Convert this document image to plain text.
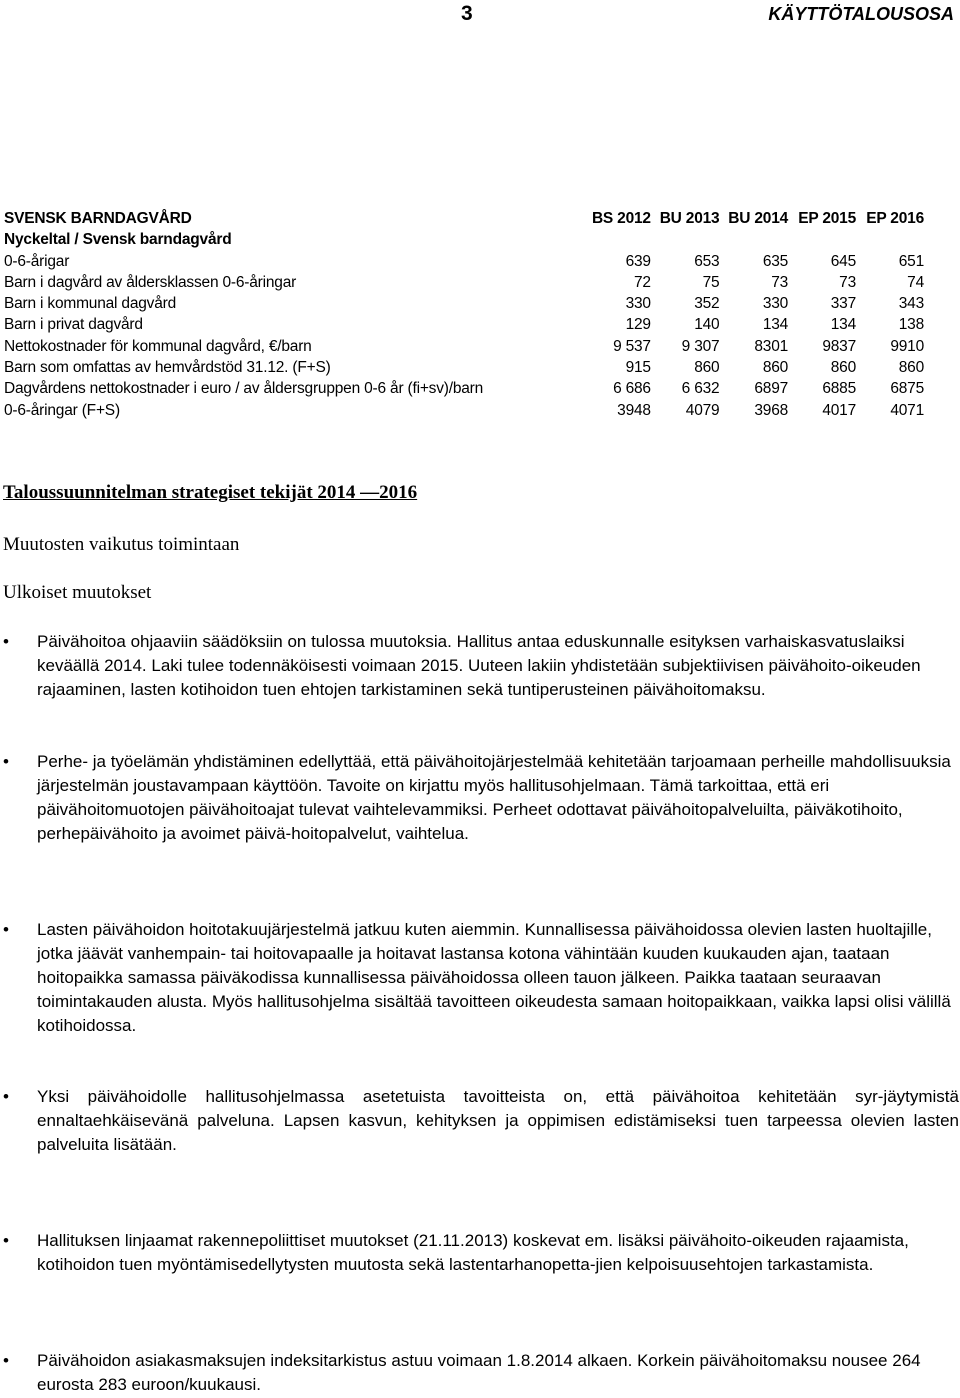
3	KÄYTTÖTALOUSOSA
SVENSK BARNDAGVÅRD	BS 2012	BU 2013	BU 2014	EP 2015	EP 2016
Nyckeltal / Svensk barndagvård					
0-6-årigar	639	653	635	645	651
Barn i dagvård av åldersklassen 0-6-åringar	72	75	73	73	74
Barn i kommunal dagvård	330	352	330	337	343
Barn i privat dagvård	129	140	134	134	138
Nettokostnader för kommunal dagvård, €/barn	9 537	9 307	8301	9837	9910
Barn som omfattas av hemvårdstöd 31.12. (F+S)	915	860	860	860	860
Dagvårdens nettokostnader i euro / av åldersgruppen 0-6 år (fi+sv)/barn	6 686	6 632	6897	6885	6875
0-6-åringar (F+S)	3948	4079	3968	4017	4071
Taloussuunnitelman strategiset tekijät 2014 —2016
Muutosten vaikutus toimintaan
Ulkoiset muutokset
•	Päivähoitoa ohjaaviin säädöksiin on tulossa muutoksia. Hallitus antaa eduskunnalle esityksen varhaiskasvatuslaiksi keväällä 2014. Laki tulee todennäköisesti voimaan 2015. Uuteen lakiin yhdistetään subjektiivisen päivähoito-oikeuden rajaaminen, lasten kotihoidon tuen ehtojen tarkistaminen sekä tuntiperusteinen päivähoitomaksu.
•	Perhe- ja työelämän yhdistäminen edellyttää, että päivähoitojärjestelmää kehitetään tarjoamaan perheille mahdollisuuksia järjestelmän joustavampaan käyttöön. Tavoite on kirjattu myös hallitusohjelmaan. Tämä tarkoittaa, että eri päivähoitomuotojen päivähoitoajat tulevat vaihtelevammiksi. Perheet odottavat päivähoitopalveluilta, päiväkotihoito, perhepäivähoito ja avoimet päivä-hoitopalvelut, vaihtelua.
•	Lasten päivähoidon hoitotakuujärjestelmä jatkuu kuten aiemmin. Kunnallisessa päivähoidossa olevien lasten huoltajille, jotka jäävät vanhempain- tai hoitovapaalle ja hoitavat lastansa kotona vähintään kuuden kuukauden ajan, taataan hoitopaikka samassa päiväkodissa kunnallisessa päivähoidossa olleen tauon jälkeen. Paikka taataan seuraavan toimintakauden alusta. Myös hallitusohjelma sisältää tavoitteen oikeudesta samaan hoitopaikkaan, vaikka lapsi olisi välillä kotihoidossa.
•	Yksi päivähoidolle hallitusohjelmassa asetetuista tavoitteista on, että päivähoitoa kehitetään syr-jäytymistä ennaltaehkäisevänä palveluna. Lapsen kasvun, kehityksen ja oppimisen edistämiseksi tuen tarpeessa olevien lasten palveluita lisätään.
•	Hallituksen linjaamat rakennepoliittiset muutokset (21.11.2013) koskevat em. lisäksi päivähoito-oikeuden rajaamista, kotihoidon tuen myöntämisedellytysten muutosta sekä lastentarhanopetta-jien kelpoisuusehtojen tarkastamista.
•	Päivähoidon asiakasmaksujen indeksitarkistus astuu voimaan 1.8.2014 alkaen. Korkein päivähoitomaksu nousee 264 eurosta 283 euroon/kuukausi.
